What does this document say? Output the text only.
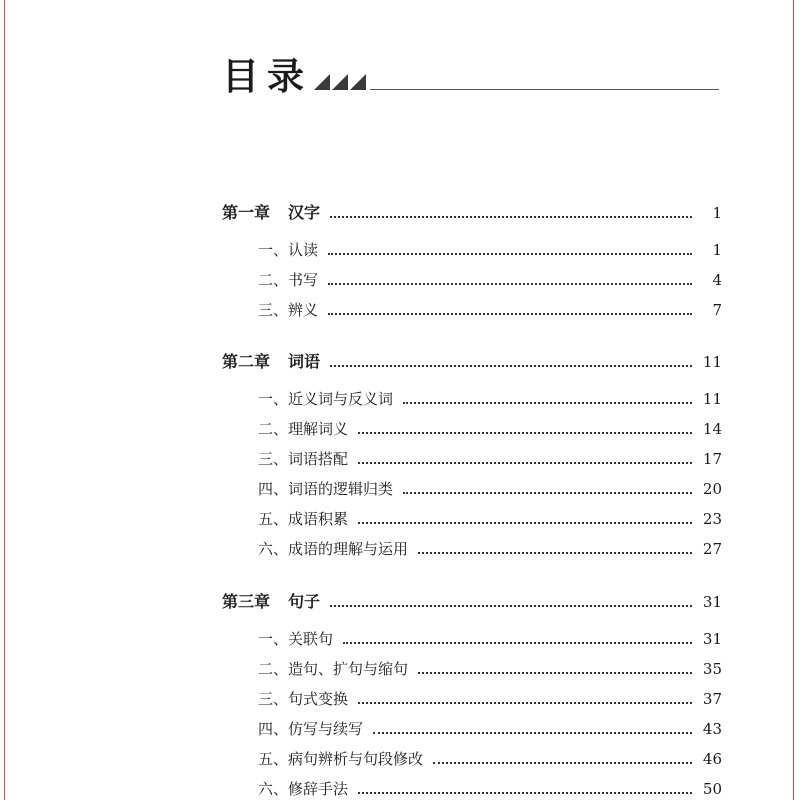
目录
第一章 汉字	1
一、认读	1
二、书写	4
三、辨义	7
第二章 词语	11
一、近义词与反义词	11
二、理解词义	14
三、词语搭配	17
四、词语的逻辑归类	20
五、成语积累	23
六、成语的理解与运用	27
第三章 句子	31
一、关联句	31
二、造句、扩句与缩句	35
三、句式变换	37
四、仿写与续写	43
五、病句辨析与句段修改	46
六、修辞手法	50
